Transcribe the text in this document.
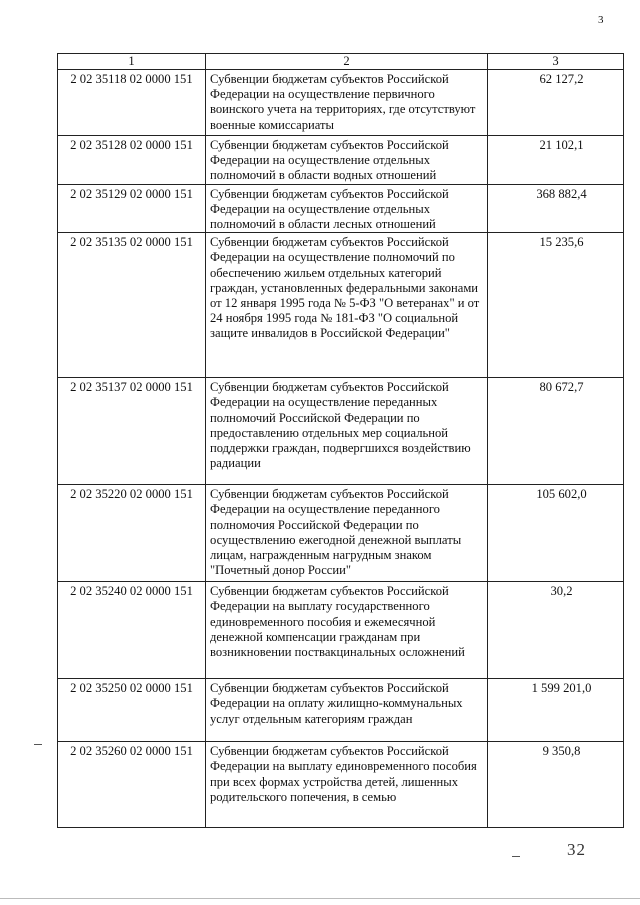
3
1	2	3
2 02 35118 02 0000 151	Субвенции бюджетам субъектов Российской Федерации на осуществление первичного воинского учета на территориях, где отсутствуют военные комиссариаты	62 127,2
2 02 35128 02 0000 151	Субвенции бюджетам субъектов Российской Федерации на осуществление отдельных полномочий в области водных отношений	21 102,1
2 02 35129 02 0000 151	Субвенции бюджетам субъектов Российской Федерации на осуществление отдельных полномочий в области лесных отношений	368 882,4
2 02 35135 02 0000 151	Субвенции бюджетам субъектов Российской Федерации на осуществление полномочий по обеспечению жильем отдельных категорий граждан, установленных федеральными законами от 12 января 1995 года № 5-ФЗ "О ветеранах" и от 24 ноября 1995 года № 181-ФЗ "О социальной защите инвалидов в Российской Федерации"	15 235,6
2 02 35137 02 0000 151	Субвенции бюджетам субъектов Российской Федерации на осуществление переданных полномочий Российской Федерации по предоставлению отдельных мер социальной поддержки граждан, подвергшихся воздействию радиации	80 672,7
2 02 35220 02 0000 151	Субвенции бюджетам субъектов Российской Федерации на осуществление переданного полномочия Российской Федерации по осуществлению ежегодной денежной выплаты лицам, награжденным нагрудным знаком "Почетный донор России"	105 602,0
2 02 35240 02 0000 151	Субвенции бюджетам субъектов Российской Федерации на выплату государственного единовременного пособия и ежемесячной денежной компенсации гражданам при возникновении поствакцинальных осложнений	30,2
2 02 35250 02 0000 151	Субвенции бюджетам субъектов Российской Федерации на оплату жилищно-коммунальных услуг отдельным категориям граждан	1 599 201,0
2 02 35260 02 0000 151	Субвенции бюджетам субъектов Российской Федерации на выплату единовременного пособия при всех формах устройства детей, лишенных родительского попечения, в семью	9 350,8
32
